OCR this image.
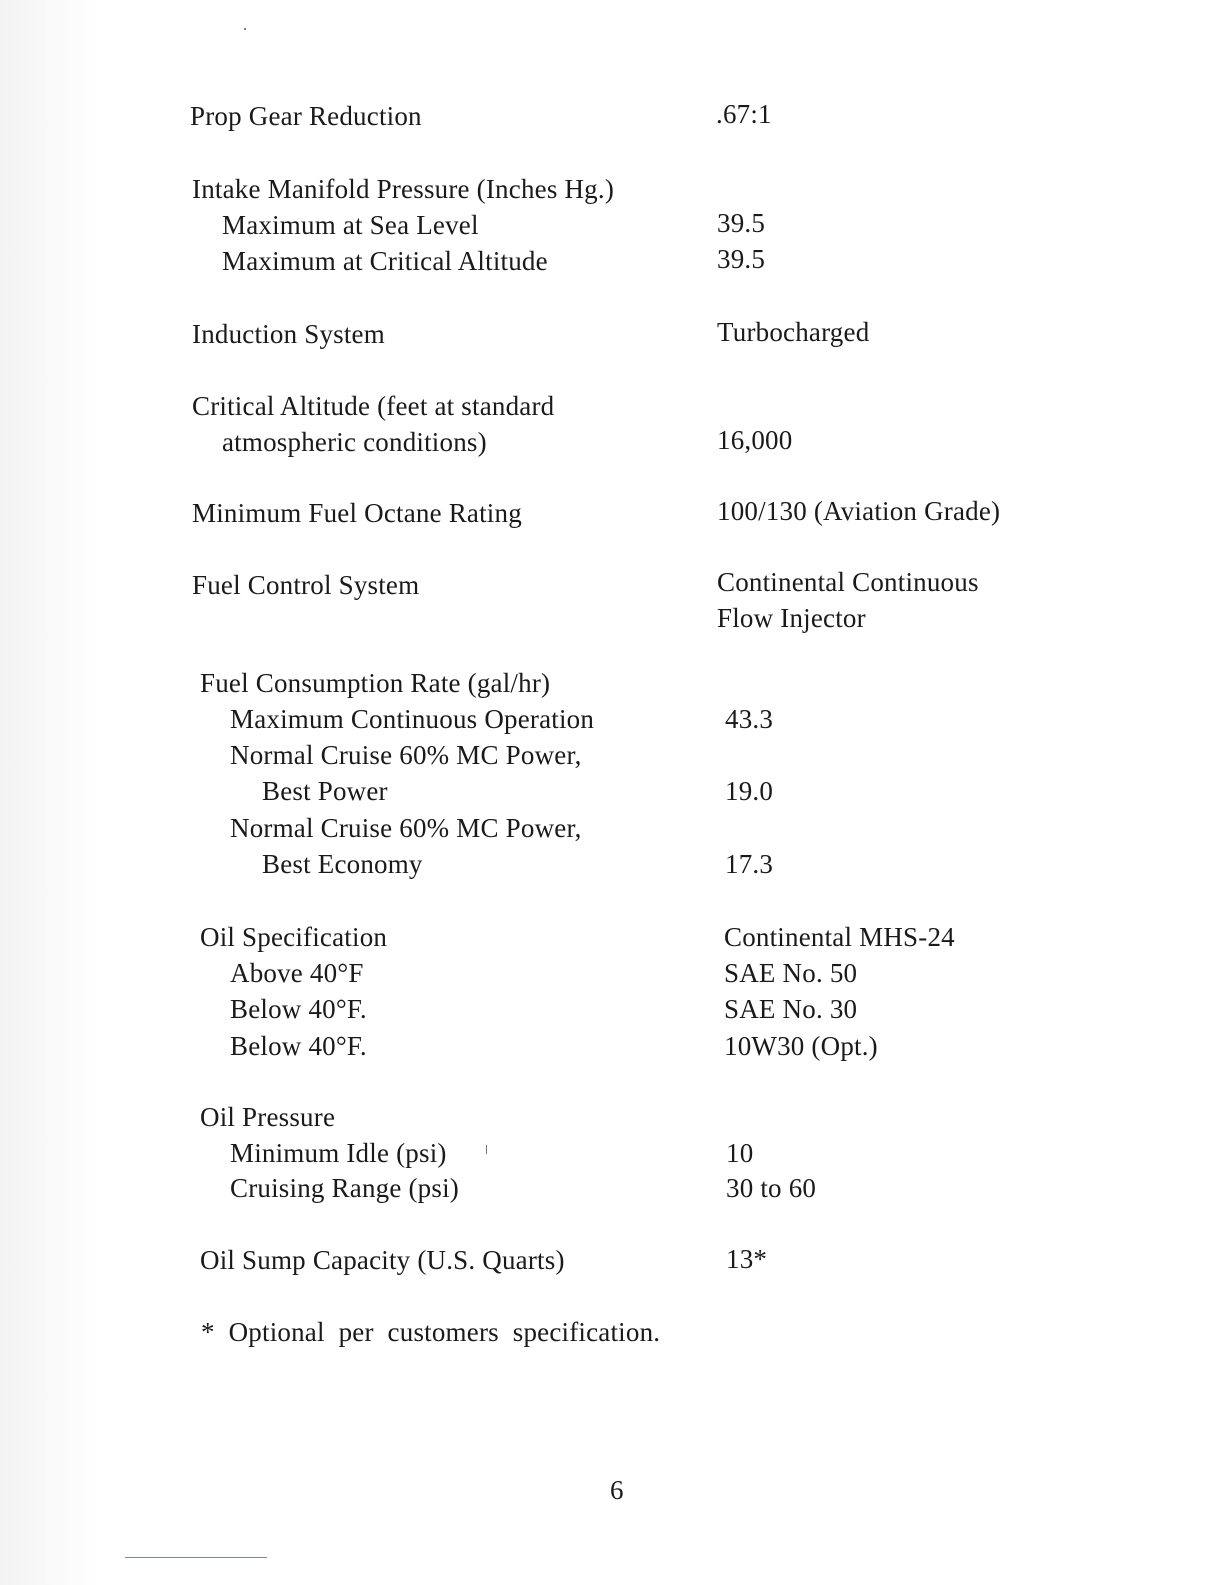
Prop Gear Reduction	.67:1
Intake Manifold Pressure (Inches Hg.)
Maximum at Sea Level	39.5
Maximum at Critical Altitude	39.5
Induction System	Turbocharged
Critical Altitude (feet at standard
atmospheric conditions)	16,000
Minimum Fuel Octane Rating	100/130 (Aviation Grade)
Fuel Control System	Continental Continuous
Flow Injector
Fuel Consumption Rate (gal/hr)
Maximum Continuous Operation	43.3
Normal Cruise 60% MC Power,
Best Power	19.0
Normal Cruise 60% MC Power,
Best Economy	17.3
Oil Specification	Continental MHS-24
Above 40°F	SAE No. 50
Below 40°F.	SAE No. 30
Below 40°F.	10W30 (Opt.)
Oil Pressure
Minimum Idle (psi)	10
Cruising Range (psi)	30 to 60
Oil Sump Capacity (U.S. Quarts)	13*
*  Optional  per  customers  specification.
6
